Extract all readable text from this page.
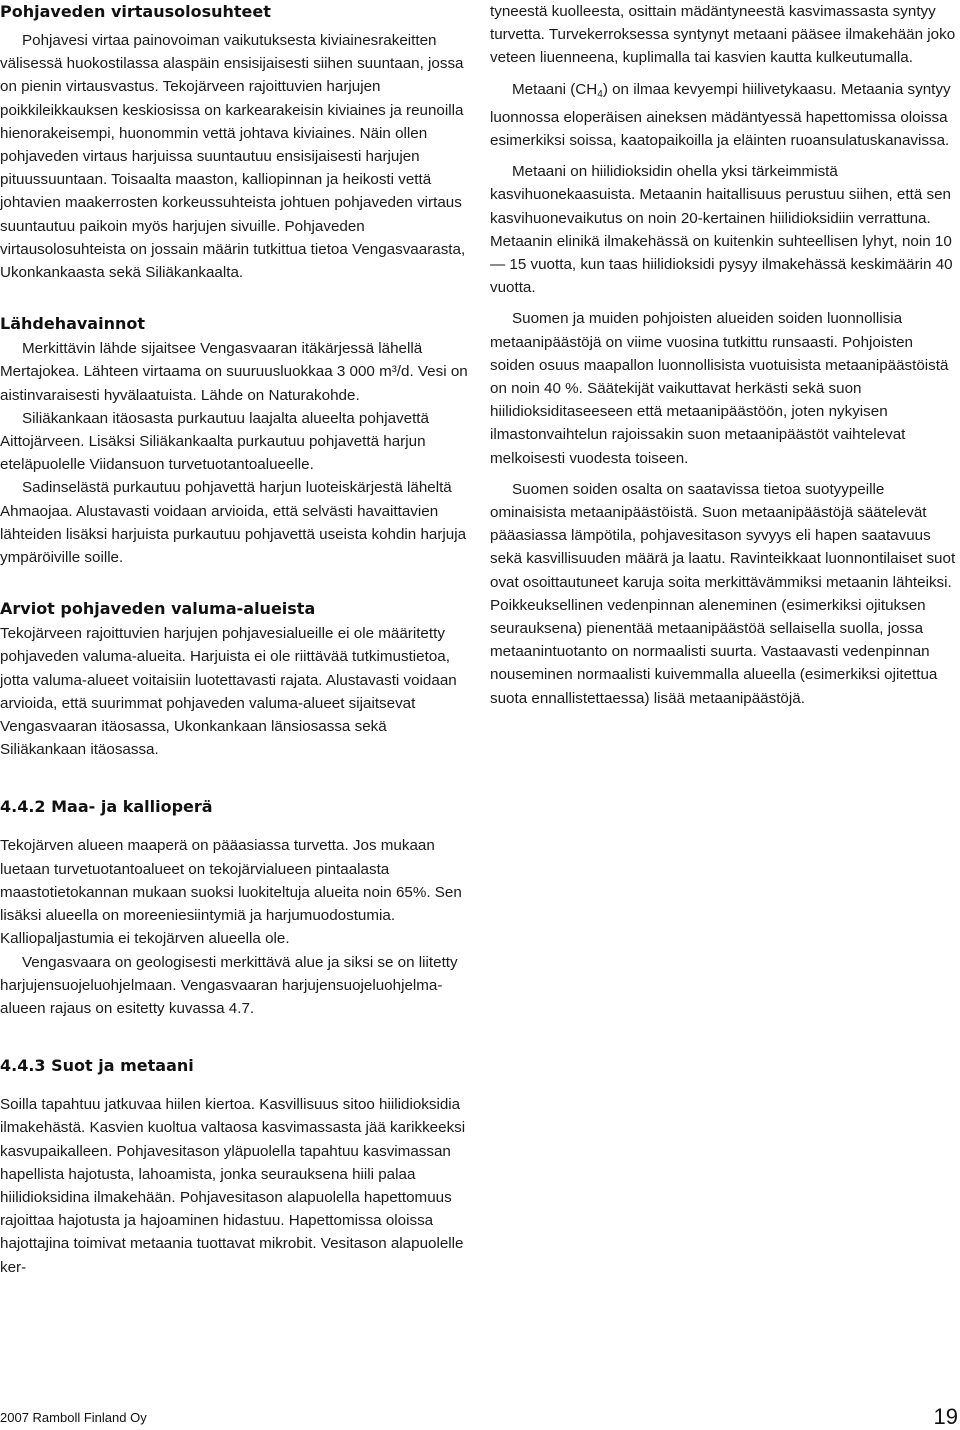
Pohjaveden virtausolosuhteet

Pohjavesi virtaa painovoiman vaikutuksesta kiviainesrakeitten välisessä huokostilassa alaspäin ensisijaisesti siihen suuntaan, jossa on pienin virtausvastus. Tekojärveen rajoittuvien harjujen poikkileikkauksen keskiosissa on karkearakeisin kiviaines ja reunoilla hienorakeisempi, huonommin vettä johtava kiviaines. Näin ollen pohjaveden virtaus harjuissa suuntautuu ensisijaisesti harjujen pituussuuntaan. Toisaalta maaston, kalliopinnan ja heikosti vettä johtavien maakerrosten korkeussuhteista johtuen pohjaveden virtaus suuntautuu paikoin myös harjujen sivuille. Pohjaveden virtausolosuhteista on jossain määrin tutkittua tietoa Vengasvaarasta, Ukonkankaasta sekä Siliäkankaalta.

Lähdehavainnot

Merkittävin lähde sijaitsee Vengasvaaran itäkärjessä lähellä Mertajokea. Lähteen virtaama on suuruusluokkaa 3 000 m³/d. Vesi on aistinvaraisesti hyvälaatuista. Lähde on Naturakohde.

Siliäkankaan itäosasta purkautuu laajalta alueelta pohjavettä Aittojärveen. Lisäksi Siliäkankaalta purkautuu pohjavettä harjun eteläpuolelle Viidansuon turvetuotantoalueelle.

Sadinselästä purkautuu pohjavettä harjun luoteiskärjestä läheltä Ahmaojaa. Alustavasti voidaan arvioida, että selvästi havaittavien lähteiden lisäksi harjuista purkautuu pohjavettä useista kohdin harjuja ympäröiville soille.

Arviot pohjaveden valuma-alueista

Tekojärveen rajoittuvien harjujen pohjavesialueille ei ole määritetty pohjaveden valuma-alueita. Harjuista ei ole riittävää tutkimustietoa, jotta valuma-alueet voitaisiin luotettavasti rajata. Alustavasti voidaan arvioida, että suurimmat pohjaveden valuma-alueet sijaitsevat Vengasvaaran itäosassa, Ukonkankaan länsiosassa sekä Siliäkankaan itäosassa.

4.4.2 Maa- ja kallioperä

Tekojärven alueen maaperä on pääasiassa turvetta. Jos mukaan luetaan turvetuotantoalueet on tekojärvialueen pintaalasta maastotietokannan mukaan suoksi luokiteltuja alueita noin 65%. Sen lisäksi alueella on moreeniesiintymiä ja harjumuodostumia. Kalliopaljastumia ei tekojärven alueella ole.

Vengasvaara on geologisesti merkittävä alue ja siksi se on liitetty harjujensuojeluohjelmaan. Vengasvaaran harjujensuojeluohjelma-alueen rajaus on esitetty kuvassa 4.7.

4.4.3 Suot ja metaani

Soilla tapahtuu jatkuvaa hiilen kiertoa. Kasvillisuus sitoo hiilidioksidia ilmakehästä. Kasvien kuoltua valtaosa kasvimassasta jää karikkeeksi kasvupaikalleen. Pohjavesitason yläpuolella tapahtuu kasvimassan hapellista hajotusta, lahoamista, jonka seurauksena hiili palaa hiilidioksidina ilmakehään. Pohjavesitason alapuolella hapettomuus rajoittaa hajotusta ja hajoaminen hidastuu. Hapettomissa oloissa hajottajina toimivat metaania tuottavat mikrobit. Vesitason alapuolelle ker-

tyneestä kuolleesta, osittain mädäntyneestä kasvimassasta syntyy turvetta. Turvekerroksessa syntynyt metaani pääsee ilmakehään joko veteen liuenneena, kuplimalla tai kasvien kautta kulkeutumalla.

Metaani (CH4) on ilmaa kevyempi hiilivetykaasu. Metaania syntyy luonnossa eloperäisen aineksen mädäntyessä hapettomissa oloissa esimerkiksi soissa, kaatopaikoilla ja eläinten ruoansulatuskanavissa.

Metaani on hiilidioksidin ohella yksi tärkeimmistä kasvihuonekaasuista. Metaanin haitallisuus perustuu siihen, että sen kasvihuonevaikutus on noin 20-kertainen hiilidioksidiin verrattuna. Metaanin elinikä ilmakehässä on kuitenkin suhteellisen lyhyt, noin 10 — 15 vuotta, kun taas hiilidioksidi pysyy ilmakehässä keskimäärin 40 vuotta.

Suomen ja muiden pohjoisten alueiden soiden luonnollisia metaanipäästöjä on viime vuosina tutkittu runsaasti. Pohjoisten soiden osuus maapallon luonnollisista vuotuisista metaanipäästöistä on noin 40 %. Säätekijät vaikuttavat herkästi sekä suon hiilidioksiditaseeseen että metaanipäästöön, joten nykyisen ilmastonvaihtelun rajoissakin suon metaanipäästöt vaihtelevat melkoisesti vuodesta toiseen.

Suomen soiden osalta on saatavissa tietoa suotyypeille ominaisista metaanipäästöistä. Suon metaanipäästöjä säätelevät pääasiassa lämpötila, pohjavesitason syvyys eli hapen saatavuus sekä kasvillisuuden määrä ja laatu. Ravinteikkaat luonnontilaiset suot ovat osoittautuneet karuja soita merkittävämmiksi metaanin lähteiksi. Poikkeuksellinen vedenpinnan aleneminen (esimerkiksi ojituksen seurauksena) pienentää metaanipäästöä sellaisella suolla, jossa metaanintuotanto on normaalisti suurta. Vastaavasti vedenpinnan nouseminen normaalisti kuivemmalla alueella (esimerkiksi ojitettua suota ennallistettaessa) lisää metaanipäästöjä.

2007 Ramboll Finland Oy	19
